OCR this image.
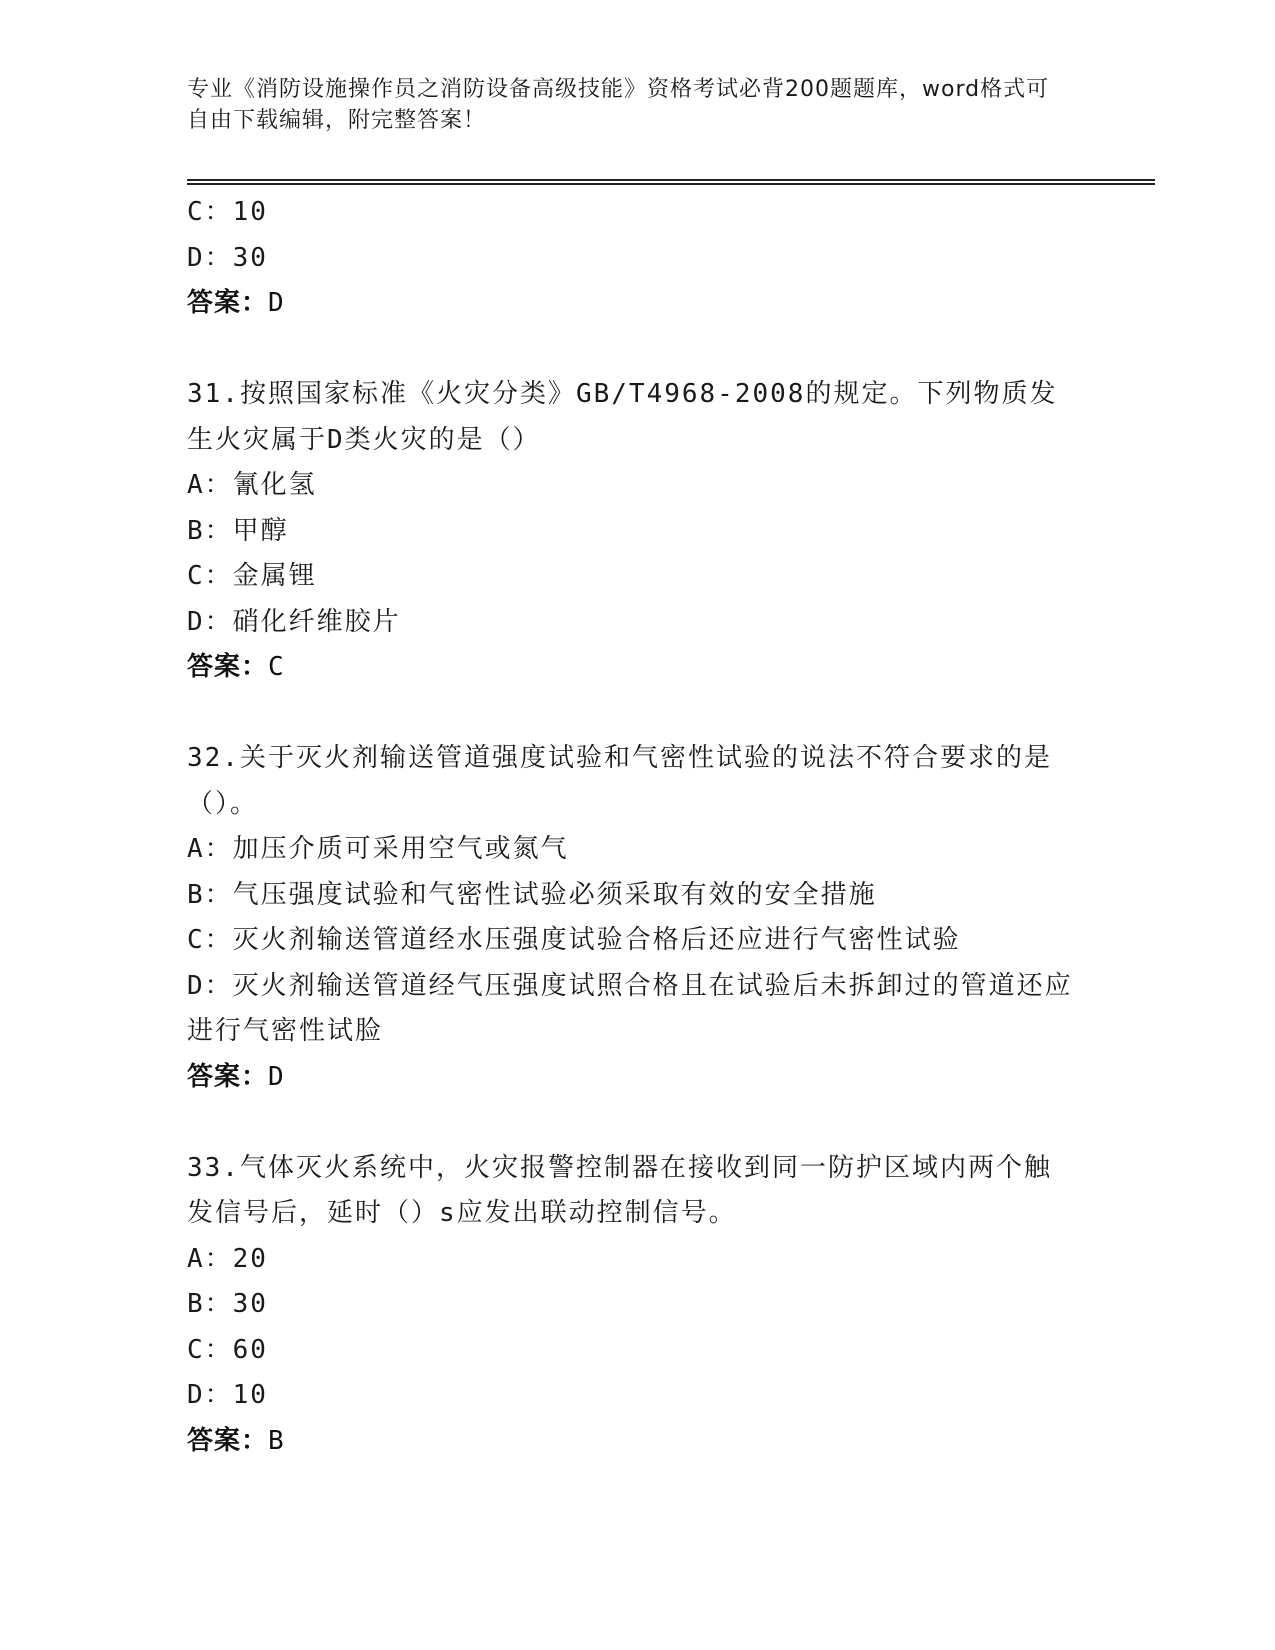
专业《消防设施操作员之消防设备高级技能》资格考试必背200题题库，word格式可自由下载编辑，附完整答案！
C：10
D：30
答案：D
31.按照国家标准《火灾分类》GB/T4968-2008的规定。下列物质发生火灾属于D类火灾的是（）
A：氰化氢
B：甲醇
C：金属锂
D：硝化纤维胶片
答案：C
32.关于灭火剂输送管道强度试验和气密性试验的说法不符合要求的是（）。
A：加压介质可采用空气或氮气
B：气压强度试验和气密性试验必须采取有效的安全措施
C：灭火剂输送管道经水压强度试验合格后还应进行气密性试验
D：灭火剂输送管道经气压强度试照合格且在试验后未拆卸过的管道还应进行气密性试脸
答案：D
33.气体灭火系统中，火灾报警控制器在接收到同一防护区域内两个触发信号后，延时（）s应发出联动控制信号。
A：20
B：30
C：60
D：10
答案：B
